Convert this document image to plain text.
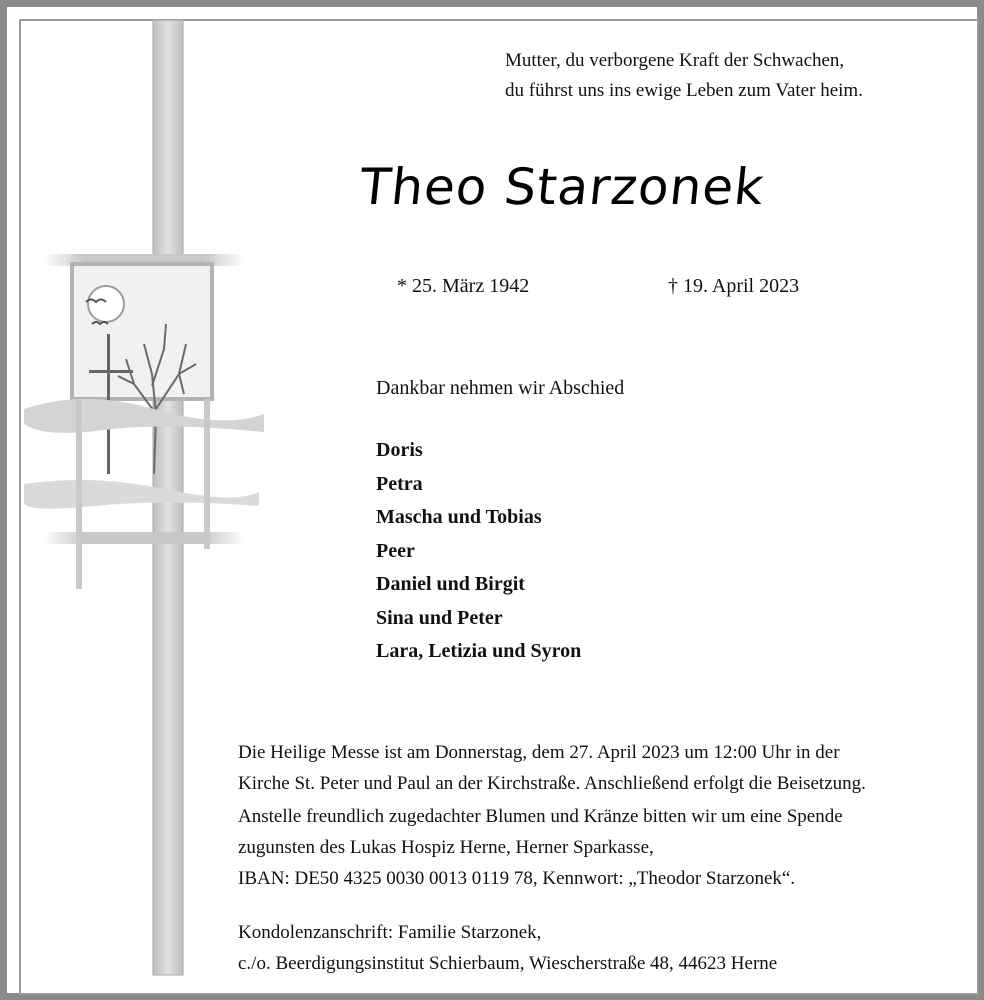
Mutter, du verborgene Kraft der Schwachen,
du führst uns ins ewige Leben zum Vater heim.
Theo Starzonek
* 25. März 1942	† 19. April 2023
Dankbar nehmen wir Abschied
Doris
Petra
Mascha und Tobias
Peer
Daniel und Birgit
Sina und Peter
Lara, Letizia und Syron
Die Heilige Messe ist am Donnerstag, dem 27. April 2023 um 12:00 Uhr in der
Kirche St. Peter und Paul an der Kirchstraße. Anschließend erfolgt die Beisetzung.
Anstelle freundlich zugedachter Blumen und Kränze bitten wir um eine Spende
zugunsten des Lukas Hospiz Herne, Herner Sparkasse,
IBAN: DE50 4325 0030 0013 0119 78, Kennwort: „Theodor Starzonek“.
Kondolenzanschrift: Familie Starzonek,
c./o. Beerdigungsinstitut Schierbaum, Wiescherstraße 48, 44623 Herne
